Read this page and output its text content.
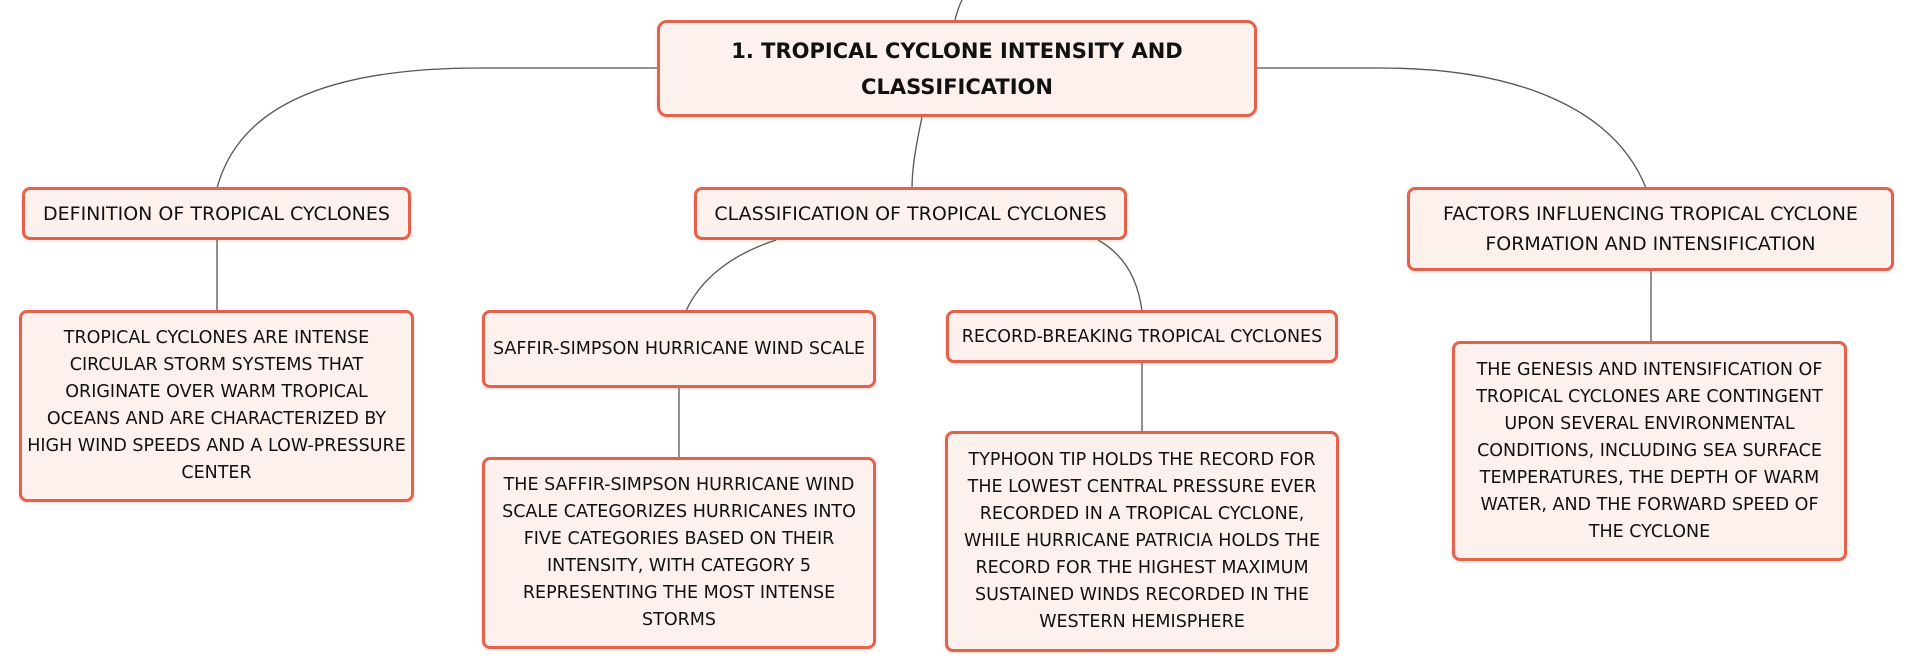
1. TROPICAL CYCLONE INTENSITY AND CLASSIFICATION
DEFINITION OF TROPICAL CYCLONES	CLASSIFICATION OF TROPICAL CYCLONES	FACTORS INFLUENCING TROPICAL CYCLONE FORMATION AND INTENSIFICATION
TROPICAL CYCLONES ARE INTENSE CIRCULAR STORM SYSTEMS THAT ORIGINATE OVER WARM TROPICAL OCEANS AND ARE CHARACTERIZED BY HIGH WIND SPEEDS AND A LOW-PRESSURE CENTER
SAFFIR-SIMPSON HURRICANE WIND SCALE
RECORD-BREAKING TROPICAL CYCLONES
THE SAFFIR-SIMPSON HURRICANE WIND SCALE CATEGORIZES HURRICANES INTO FIVE CATEGORIES BASED ON THEIR INTENSITY, WITH CATEGORY 5 REPRESENTING THE MOST INTENSE STORMS
TYPHOON TIP HOLDS THE RECORD FOR THE LOWEST CENTRAL PRESSURE EVER RECORDED IN A TROPICAL CYCLONE, WHILE HURRICANE PATRICIA HOLDS THE RECORD FOR THE HIGHEST MAXIMUM SUSTAINED WINDS RECORDED IN THE WESTERN HEMISPHERE
THE GENESIS AND INTENSIFICATION OF TROPICAL CYCLONES ARE CONTINGENT UPON SEVERAL ENVIRONMENTAL CONDITIONS, INCLUDING SEA SURFACE TEMPERATURES, THE DEPTH OF WARM WATER, AND THE FORWARD SPEED OF THE CYCLONE
